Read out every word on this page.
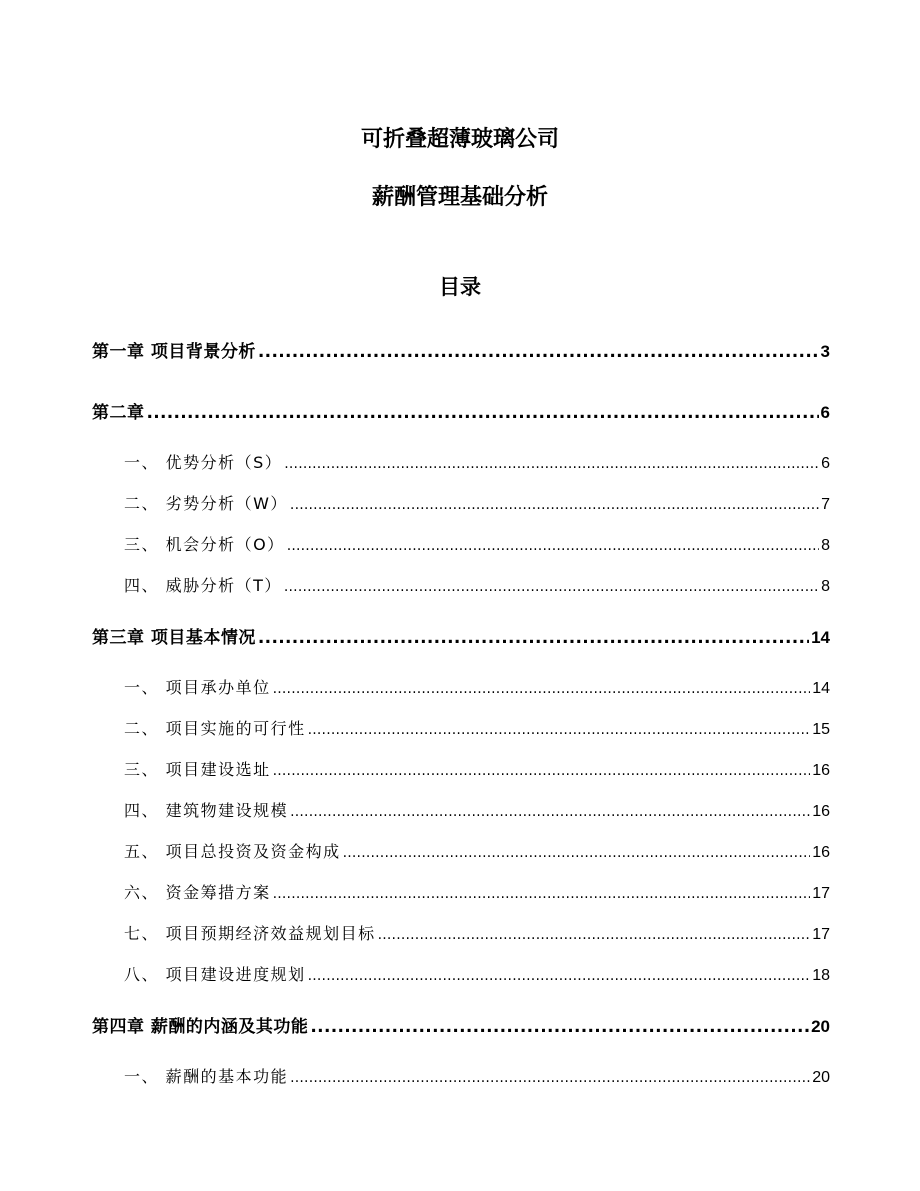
可折叠超薄玻璃公司
薪酬管理基础分析
目录
第一章 项目背景分析 .....	3
第二章 .....	6
一、 优势分析（S） .....	6
二、 劣势分析（W） .....	7
三、 机会分析（O） .....	8
四、 威胁分析（T） .....	8
第三章 项目基本情况 .....	14
一、 项目承办单位 .....	14
二、 项目实施的可行性 .....	15
三、 项目建设选址 .....	16
四、 建筑物建设规模 .....	16
五、 项目总投资及资金构成 .....	16
六、 资金筹措方案 .....	17
七、 项目预期经济效益规划目标 .....	17
八、 项目建设进度规划 .....	18
第四章 薪酬的内涵及其功能 .....	20
一、 薪酬的基本功能 .....	20
